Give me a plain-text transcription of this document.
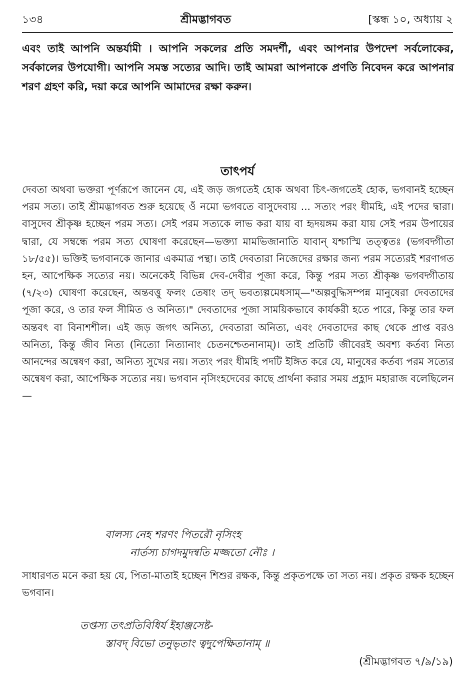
১৩৪	শ্রীমদ্ভাগবত	[স্কন্ধ ১০, অধ্যায় ২
এবং তাই আপনি অন্তর্যামী । আপনি সকলের প্রতি সমদর্শী, এবং আপনার উপদেশ সর্বলোকের, সর্বকালের উপযোগী। আপনি সমস্ত সত্যের আদি। তাই আমরা আপনাকে প্রণতি নিবেদন করে আপনার শরণ গ্রহণ করি, দয়া করে আপনি আমাদের রক্ষা করুন।
তাৎপর্য
দেবতা অথবা ভক্তরা পূর্ণরূপে জানেন যে, এই জড় জগতেই হোক অথবা চিৎ-জগতেই হোক, ভগবানই হচ্ছেন পরম সত্য। তাই শ্রীমদ্ভাগবত শুরু হয়েছে ওঁ নমো ভগবতে বাসুদেবায় ... সত্যং পরং ধীমহি, এই পদের দ্বারা। বাসুদেব শ্রীকৃষ্ণ হচ্ছেন পরম সত্য। সেই পরম সত্যকে লাভ করা যায় বা হৃদয়ঙ্গম করা যায় সেই পরম উপায়ের দ্বারা, যে সম্বন্ধে পরম সত্য ঘোষণা করেছেন—ভক্ত্যা মামভিজানাতি যাবান্ যশ্চাস্মি তত্ত্বতঃ (ভগবদ্গীতা ১৮/৫৫)। ভক্তিই ভগবানকে জানার একমাত্র পন্থা। তাই দেবতারা নিজেদের রক্ষার জন্য পরম সত্যেরই শরণাগত হন, আপেক্ষিক সত্যের নয়। অনেকেই বিভিন্ন দেব-দেবীর পূজা করে, কিন্তু পরম সত্য শ্রীকৃষ্ণ ভগবদ্গীতায় (৭/২৩) ঘোষণা করেছেন, অন্তবত্তু ফলং তেষাং তদ্ ভবত্যল্পমেধসাম্—"অল্পবুদ্ধিসম্পন্ন মানুষেরা দেবতাদের পূজা করে, ও তার ফল সীমিত ও অনিত্য।" দেবতাদের পূজা সাময়িকভাবে কার্যকরী হতে পারে, কিন্তু তার ফল অন্তবৎ বা বিনাশশীল। এই জড় জগৎ অনিত্য, দেবতারা অনিত্য, এবং দেবতাদের কাছ থেকে প্রাপ্ত বরও অনিত্য, কিন্তু জীব নিত্য (নিত্যো নিত্যানাং চেতনশ্চেতনানাম্)। তাই প্রতিটি জীবেরই অবশ্য কর্তব্য নিত্য আনন্দের অন্বেষণ করা, অনিত্য সুখের নয়। সত্যং পরং ধীমহি পদটি ইঙ্গিত করে যে, মানুষের কর্তব্য পরম সত্যের অন্বেষণ করা, আপেক্ষিক সত্যের নয়। ভগবান নৃসিংহদেবের কাছে প্রার্থনা করার সময় প্রহ্লাদ মহারাজ বলেছিলেন—
বালস্য নেহ শরণং পিতরৌ নৃসিংহ
নার্তস্য চাগদমুদন্বতি মজ্জতো নৌঃ ।
সাধারণত মনে করা হয় যে, পিতা-মাতাই হচ্ছেন শিশুর রক্ষক, কিন্তু প্রকৃতপক্ষে তা সত্য নয়। প্রকৃত রক্ষক হচ্ছেন ভগবান।
তপ্তস্য তৎপ্রতিবিধির্য ইহাঞ্জসেষ্ট-
স্তাবদ্ বিভো তনুভৃতাং ত্বদুপেক্ষিতানাম্ ॥
(শ্রীমদ্ভাগবত ৭/৯/১৯)
